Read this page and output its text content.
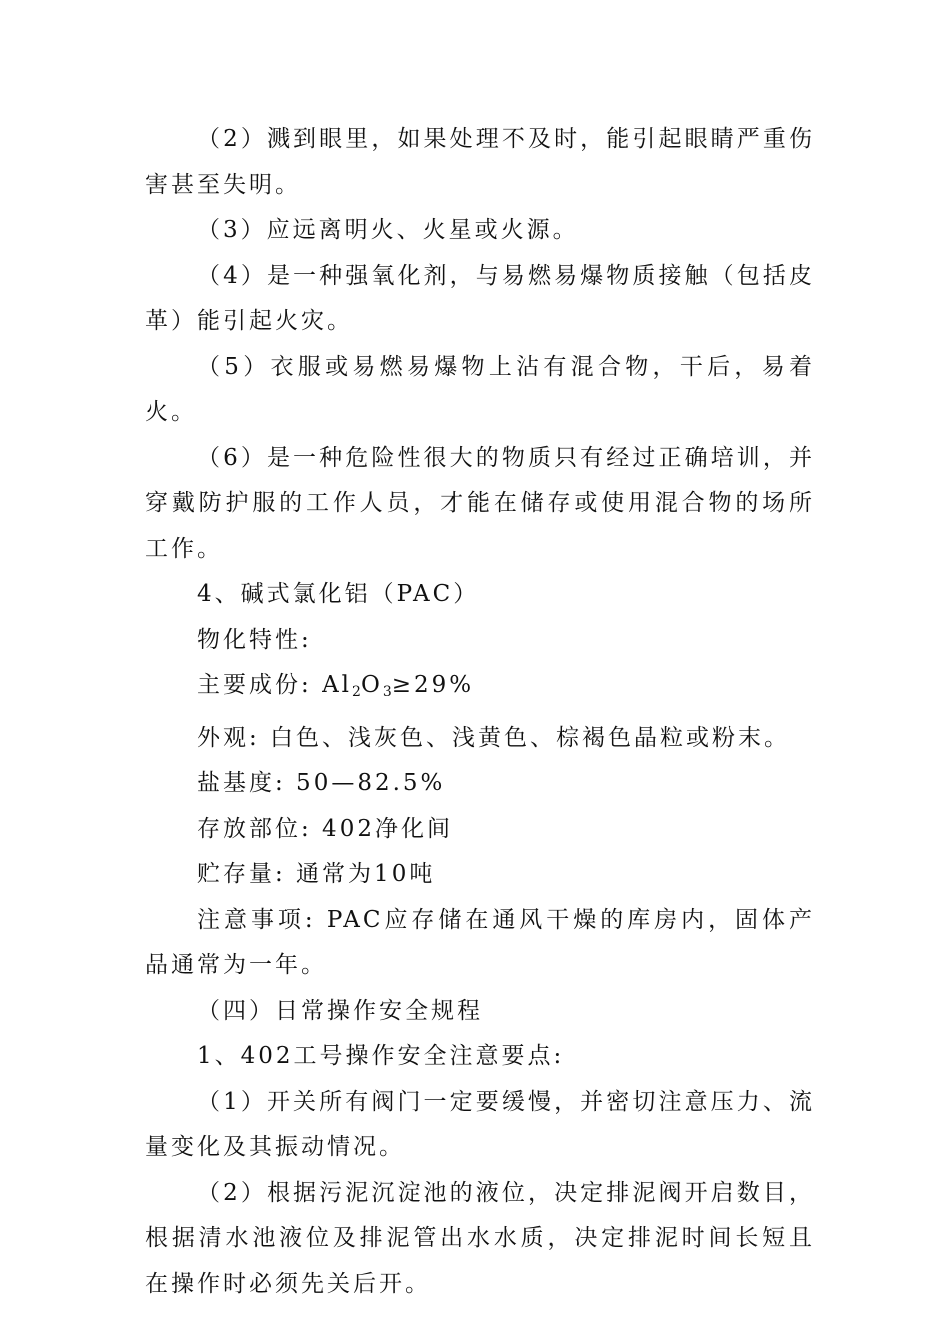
（2）溅到眼里，如果处理不及时，能引起眼睛严重伤害甚至失明。

（3）应远离明火、火星或火源。

（4）是一种强氧化剂，与易燃易爆物质接触（包括皮革）能引起火灾。

（5）衣服或易燃易爆物上沾有混合物，干后，易着火。

（6）是一种危险性很大的物质只有经过正确培训，并穿戴防护服的工作人员，才能在储存或使用混合物的场所工作。

4、碱式氯化铝（PAC）

物化特性:

主要成份: $Al_2O_3\ge 29\%$

外观: 白色、浅灰色、浅黄色、棕褐色晶粒或粉末。

盐基度: 50—82.5%

存放部位: 402净化间

贮存量: 通常为10吨

注意事项: PAC应存储在通风干燥的库房内，固体产品通常为一年。

（四）日常操作安全规程

1、402工号操作安全注意要点:

（1）开关所有阀门一定要缓慢，并密切注意压力、流量变化及其振动情况。

（2）根据污泥沉淀池的液位，决定排泥阀开启数目，根据清水池液位及排泥管出水水质，决定排泥时间长短且在操作时必须先关后开。
